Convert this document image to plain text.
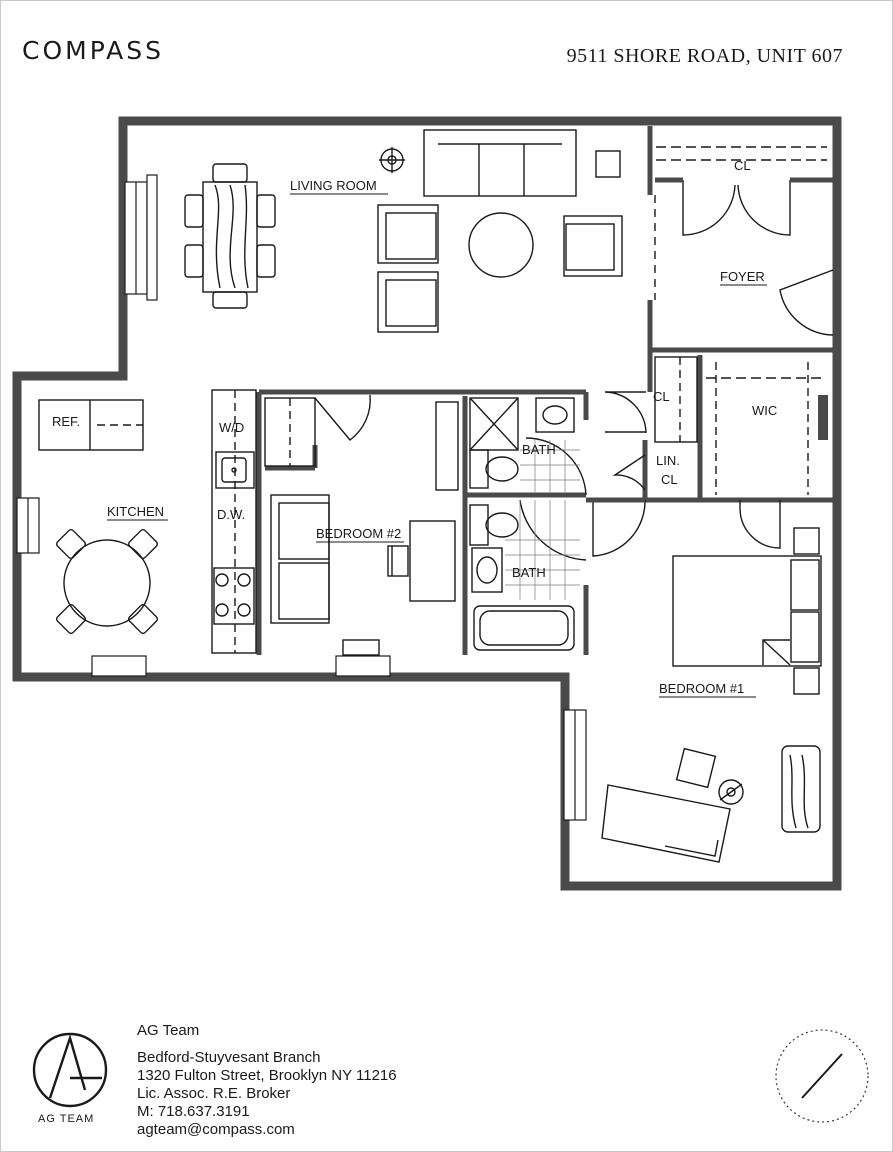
COMPASS	9511 SHORE ROAD, UNIT 607
LIVING ROOM
CL
FOYER
CL
WIC
LIN.
CL
REF.	W/D
D.W.
KITCHEN
BEDROOM #2
BATH
BATH
BEDROOM #1
AG TEAM
AG Team
Bedford-Stuyvesant Branch
1320 Fulton Street, Brooklyn NY 11216
Lic. Assoc. R.E. Broker
M: 718.637.3191
agteam@compass.com
